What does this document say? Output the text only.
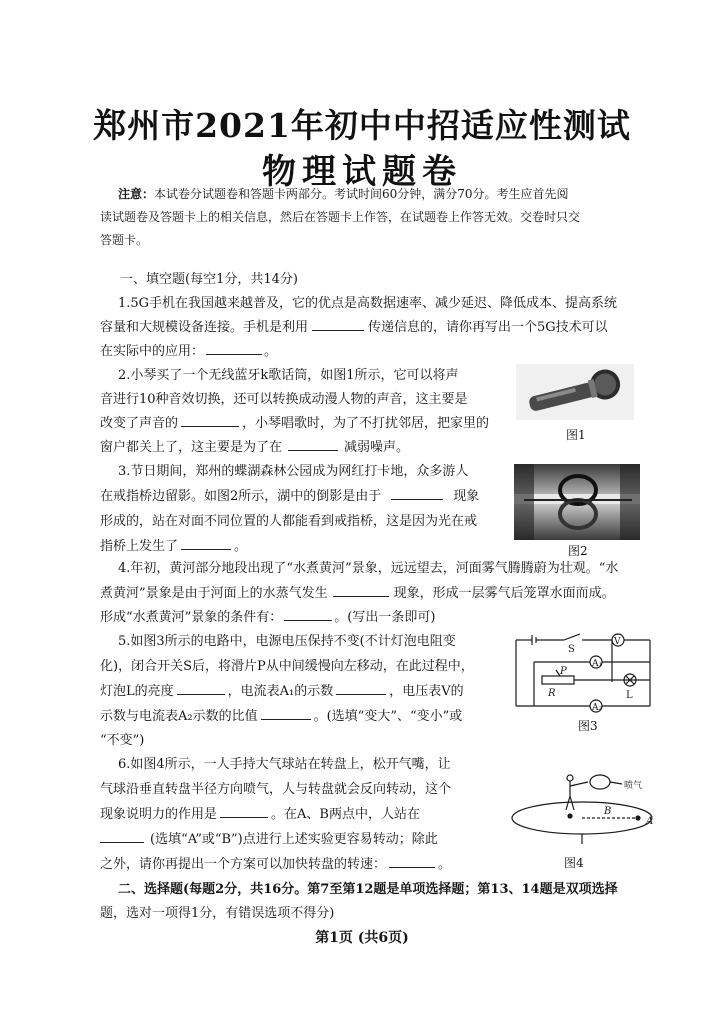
郑州市2021年初中中招适应性测试
物理试题卷
注意：本试卷分试题卷和答题卡两部分。考试时间60分钟，满分70分。考生应首先阅
读试题卷及答题卡上的相关信息，然后在答题卡上作答，在试题卷上作答无效。交卷时只交
答题卡。
一、填空题(每空1分，共14分)
1.5G手机在我国越来越普及，它的优点是高数据速率、减少延迟、降低成本、提高系统
容量和大规模设备连接。手机是利用	传递信息的，请你再写出一个5G技术可以
在实际中的应用：	。
2.小琴买了一个无线蓝牙k歌话筒，如图1所示，它可以将声
音进行10种音效切换，还可以转换成动漫人物的声音，这主要是
改变了声音的	，小琴唱歌时，为了不打扰邻居，把家里的
窗户都关上了，这主要是为了在	减弱噪声。
图1
3.节日期间，郑州的蝶湖森林公园成为网红打卡地，众多游人
在戒指桥边留影。如图2所示，湖中的倒影是由于	现象
形成的，站在对面不同位置的人都能看到戒指桥，这是因为光在戒
指桥上发生了	。	图2
4.年初，黄河部分地段出现了“水煮黄河”景象，远远望去，河面雾气腾腾蔚为壮观。“水
煮黄河”景象是由于河面上的水蒸气发生	现象，形成一层雾气后笼罩水面而成。
形成“水煮黄河”景象的条件有：	。(写出一条即可)
5.如图3所示的电路中，电源电压保持不变(不计灯泡电阻变
化)，闭合开关S后，将滑片P从中间缓慢向左移动，在此过程中，
灯泡L的亮度	，电流表A₁的示数	，电压表V的
示数与电流表A₂示数的比值	。(选填“变大”、“变小”或
“不变”)
S
V
A₁
A₂
P
R	L
图3
6.如图4所示，一人手持大气球站在转盘上，松开气嘴，让
气球沿垂直转盘半径方向喷气，人与转盘就会反向转动，这个
现象说明力的作用是	。在A、B两点中，人站在
(选填“A”或“B”)点进行上述实验更容易转动；除此
之外，请你再提出一个方案可以加快转盘的转速：	。
喷气
B
A
图4
二、选择题(每题2分，共16分。第7至第12题是单项选择题；第13、14题是双项选择
题，选对一项得1分，有错误选项不得分)
第1页 (共6页)
